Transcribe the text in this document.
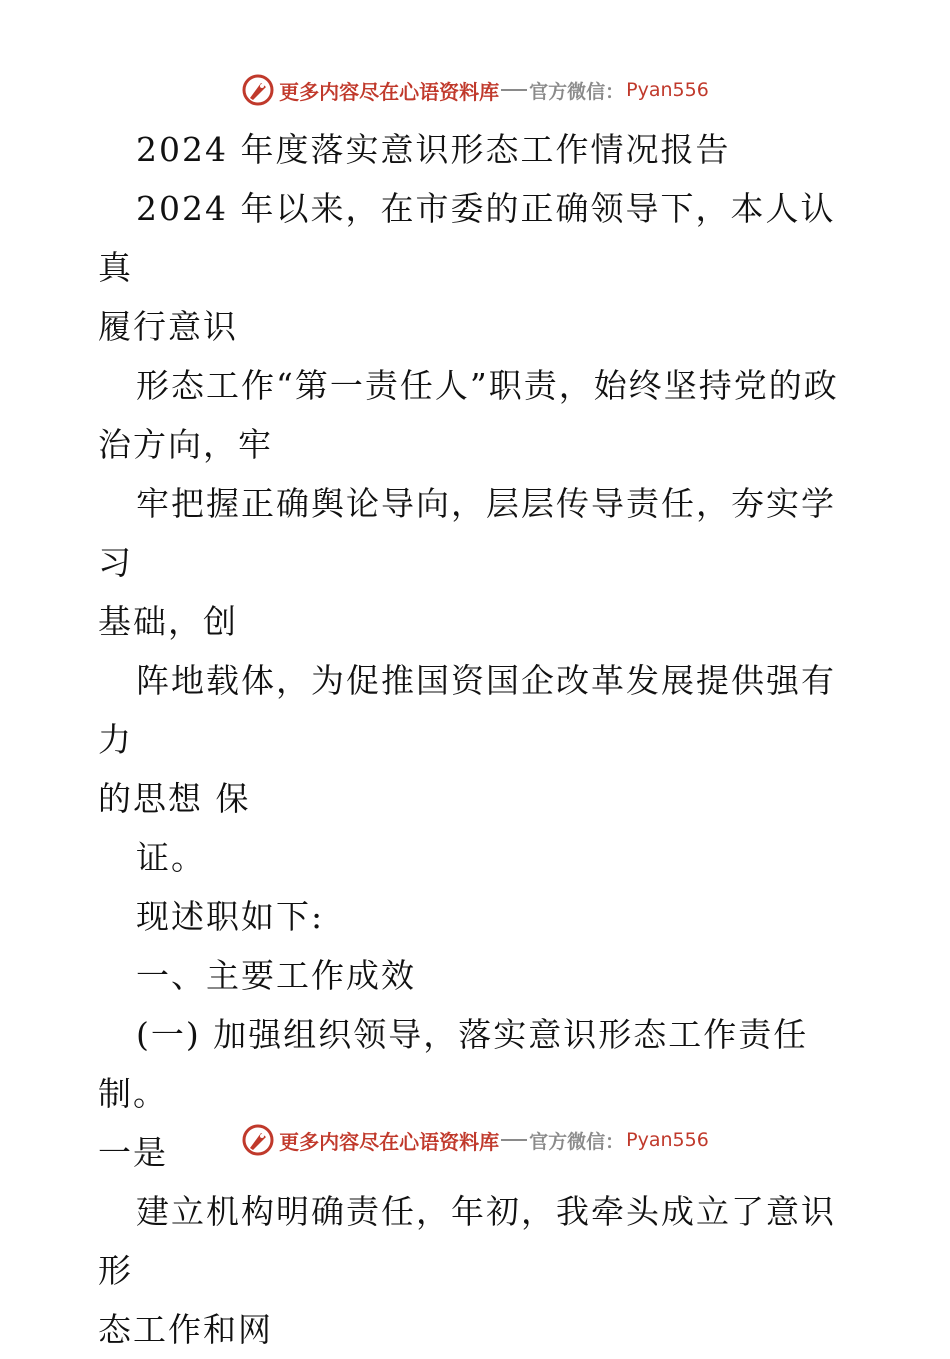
更多内容尽在心语资料库 官方微信： Pyan556

2024 年度落实意识形态工作情况报告

2024 年以来，在市委的正确领导下，本人认真

履行意识

形态工作“第一责任人”职责，始终坚持党的政

治方向，牢

牢把握正确舆论导向，层层传导责任，夯实学习

基础，创

阵地载体，为促推国资国企改革发展提供强有力

的思想 保

证。

现述职如下:

一、主要工作成效

(一) 加强组织领导，落实意识形态工作责任制。

一是

建立机构明确责任，年初，我牵头成立了意识形

态工作和网

更多内容尽在心语资料库 官方微信： Pyan556
